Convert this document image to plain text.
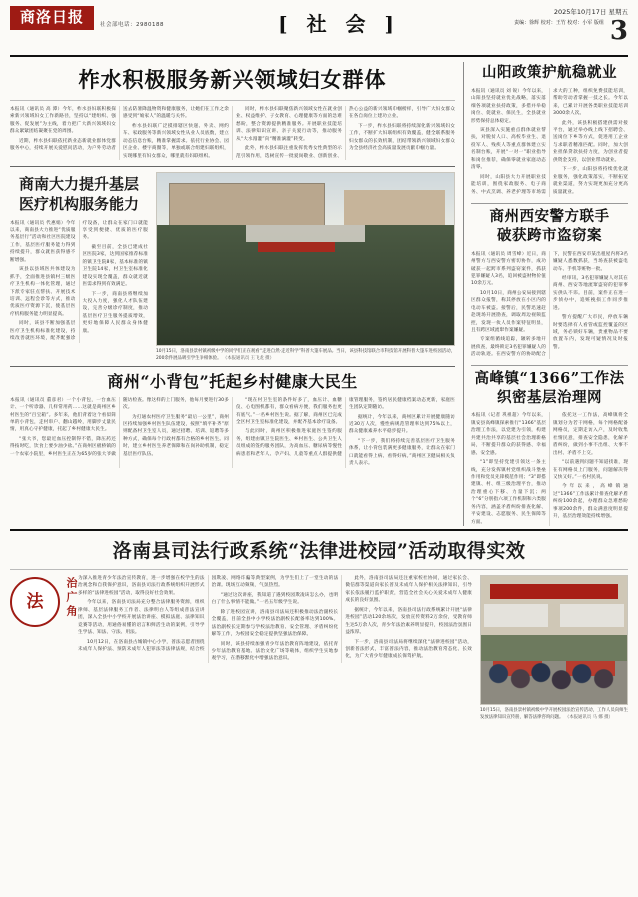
商洛日报	社会部电话：2980188	[ 社 会 ]	2025年10月17日 星期五
责编：徐辉 校对：王竹 校对：小军 版组 3
柞水积极服务新兴领域妇女群体

本报讯（通讯员 高 潭）今年，柞水县妇联积极探索新兴领域妇女工作新路径，坚持以“建组织、强服务、促发展”为主线，着力把广大新兴领域妇女群众紧紧团结凝聚在党的周围。

近期，柞水县妇联依托新业态新就业群体党群服务中心，持续开展关爱慰问活动，为户外劳动者送去防暑降温物资和健康服务，让她们在工作之余感受到“娘家人”的温暖与关怀。

柞水县妇联广泛摸排辖区快递、外卖、网约车、家政服务等新兴领域女性从业人员底数，建立动态信息台账，精准掌握需求。依托行业协会、园区企业、楼宇商圈等，单独或联合组建妇联组织，实现哪里有妇女群众，哪里就有妇联组织。

同时，柞水县妇联聚焦新兴领域女性在就业创业、权益维护、子女教育、心理健康等方面的急难愁盼，整合资源提供精准服务。开展职业技能培训、法律知识宣讲、亲子关爱行动等，推动服务从“大水漫灌”向“精准滴灌”转变。

此外，柞水县妇联注重发挥优秀女性典型的示范引领作用，选树宣传一批爱岗敬业、创新创业、热心公益的新兴领域巾帼榜样，引导广大妇女群众在各自岗位上建功立业。

下一步，柞水县妇联将持续深化新兴领域妇女工作，不断扩大妇联组织有效覆盖，健全联系服务妇女群众的长效机制，团结带领新兴领域妇女群众为全县经济社会高质量发展贡献巾帼力量。

商南大力提升基层
医疗机构服务能力

本报讯（通讯员 代惠娟）今年以来，商南县大力推进“优质服务基层行”活动和社区医院建设工作，基层医疗服务能力得到持续提升，群众就医获得感不断增强。

该县以县域医共体建设为抓手，全面推进县镇村三级医疗卫生机构一体化管理，通过下派专家驻点帮扶、开展技术培训、远程会诊等方式，推动优质医疗资源下沉，使基层医疗机构服务能力明显提高。

同时，该县不断加强基层医疗卫生机构标准化建设，持续改善就医环境，配齐配强诊疗设备，让群众在家门口就能享受到便捷、优质的医疗服务。

截至目前，全县已建成社区医院3家，达到国家推荐标准的镇卫生院8家，基本标准的镇卫生院14家，村卫生室标准化建设实现全覆盖，群众就近就医需求得到有效满足。

下一步，商南县将继续加大投入力度，强化人才队伍建设，完善分级诊疗制度，推动基层医疗卫生服务提质增效，更好地保障人民群众身体健康。

10月15日，洛南县景村镇初级中学的同学们正在观看“走进自然·走近科学”科普大篷车展品。当日，该县科技馆联合市科技馆开展科普大篷车进校园活动，200余件展品吸引学生争相体验。 （本报通讯员 王飞龙 摄）
商州“小背包”托起乡村健康大民生

本报讯（通讯员 董彦君）一个小背包，一台血压计、一个听诊器、几样常用药……这就是商州区乡村医生的“百宝箱”。多年来，他们背着这个看似简单的小背包，走村串户、翻山越岭，用脚步丈量民情，用真心守护健康，托起了乡村健康大民生。

“张大爷，您最近血压控制得不错，降压药还得按时吃，饮食上要少油少盐。”在商州区板桥镇的一个农家小院里，乡村医生正在为65岁的张大爷做随访检查。像这样的上门服务，他每月要进行30多次。

为打通农村医疗卫生服务“最后一公里”，商州区持续加强乡村医生队伍建设，按照“填平补齐”原则配备村卫生室人员，通过招聘、培训、返聘等多种方式，确保每个行政村都有合格的乡村医生。同时，建立乡村医生养老保障和在岗补助机制，稳定基层医疗队伍。

“现在村卫生室的条件好多了，血压计、血糖仪、心电图机都有，群众看病方便，我们服务也更有底气。”一名乡村医生说。据了解，商州区已完成全区村卫生室标准化建设，并配齐基本诊疗设备。

与此同时，商州区积极推进家庭医生签约服务，组建由镇卫生院医生、乡村医生、公共卫生人员组成的签约服务团队，为高血压、糖尿病等慢性病患者和老年人、孕产妇、儿童等重点人群提供健康管理服务，签约居民健康档案动态更新，家庭医生团队定期随访。

据统计，今年以来，商州区累计开展健康随访近30万人次，慢性病规范管理率达到75%以上，群众健康素养水平稳步提升。

“下一步，我们将持续完善基层医疗卫生服务体系，让小背包装满更多健康服务，让群众在家门口就能看得上病、看得好病。”商州区卫健局相关负责人表示。

山阳政策护航稳就业

本报讯（通讯员 刘 锐）今年以来，山阳县坚持就业优先战略，落实落细各项就业扶持政策，多措并举稳岗位、促就业、保民生，全县就业形势保持总体稳定。

该县深入实施重点群体就业帮扶，对脱贫人口、高校毕业生、退役军人、残疾人等重点群体建立实名制台账，开展“一对一”职业指导和岗位推荐，确保零就业家庭动态清零。

同时，山阳县大力开展职业技能培训，围绕家政服务、电子商务、中式烹调、养老护理等市场需求大的工种，组织免费技能培训，帮助劳动者掌握一技之长。今年以来，已累计开展各类职业技能培训3000余人次。

此外，该县积极搭建供需对接平台，通过举办线上线下招聘会、送岗位下乡等方式，促进用工企业与求职者精准匹配。同时，加大创业担保贷款扶持力度，为创业者提供资金支持，以创业带动就业。

下一步，山阳县将持续优化就业服务，强化政策落实，不断拓宽就业渠道，努力实现更加充分更高质量就业。

商州西安警方联手
破获跨市盗窃案

本报讯（通讯员 周雪峰）近日，商州警方与西安警方密切协作，成功破获一起跨市系列盗窃案件，抓获犯罪嫌疑人3名，追回被盗财物价值10余万元。

10月10日，商州公安局接到辖区群众报警，称其停放在小区内的电动车被盗。接警后，民警迅速赶赴现场开展勘查，调取周边视频监控，发现一伙人员作案特征明显，且有跨区域流窜作案嫌疑。

专案组循线追踪，辗转多地开展侦查，最终锁定3名犯罪嫌疑人的活动轨迹。在西安警方的协助配合下，民警在西安市某出租屋内将3名嫌疑人悉数抓获，当场查获被盗电动车、手机等赃物一批。

经审讯，3名犯罪嫌疑人对其在商州、西安等地流窜盗窃的犯罪事实供认不讳。目前，案件正在进一步侦办中，追赃挽损工作同步推进。

警方提醒广大市民，停放车辆时要选择有人看管或监控覆盖的区域，务必锁好车辆，贵重物品不要放置车内，发现可疑情况及时报警。

高峰镇“1366”工作法
织密基层治理网

本报讯（记者 巩祖超）今年以来，镇安县高峰镇探索推行“1366”基层治理工作法，以党建为引领，构建共建共治共享的基层社会治理新格局，不断提升群众的获得感、幸福感、安全感。

“1”即坚持党建引领这一条主线，充分发挥镇村党组织战斗堡垒作用和党员先锋模范作用；“3”即搭建镇、村、组三级治理平台，推动治理重心下移、力量下沉；两个“6”分别指六项工作机制和六类服务内容，涵盖矛盾纠纷排查化解、平安建设、志愿服务、民生保障等方面。

依托这一工作法，高峰镇将全镇划分为若干网格，每个网格配备网格员，定期走访入户，及时收集社情民意，排查安全隐患，化解矛盾纠纷，做到小事不出组、大事不出村、矛盾不上交。

“以前遇到问题不知道找谁，现在有网格员上门服务，问题解决得又快又好。”一名村民说。

今年以来，高峰镇通过“1366”工作法累计排查化解矛盾纠纷100余起，办理群众急难愁盼事项200余件，群众满意度明显提升，基层治理效能持续增强。

洛南县司法行政系统“法律进校园”活动取得实效
法
治广角

为深入推进青少年法治宣传教育，进一步增强在校学生的法治观念和自我保护意识，洛南县司法行政系统组织开展形式多样的“法律进校园”活动，取得良好社会效果。

今年以来，洛南县司法局充分整合法律服务资源，组织律师、基层法律服务工作者、法律明白人等组成普法宣讲团，深入全县中小学校开展法治讲座、模拟法庭、法律知识竞赛等活动，用通俗易懂的语言和鲜活生动的案例，引导学生学法、知法、守法、用法。

10月12日，在洛南县古城镇中心小学，普法志愿者围绕未成年人保护法、预防未成年人犯罪法等法律法规，结合校园欺凌、网络诈骗等典型案例，为学生们上了一堂生动的法治课。现场互动频频，气氛热烈。

“通过这次讲座，我知道了遇到校园欺凌该怎么办，也明白了什么事情不能做。”一名五年级学生说。

除了进校园宣讲，洛南县司法局还积极推动法治副校长全覆盖，目前全县中小学校法治副校长配备率达到100%。法治副校长定期参与学校法治教育、安全管理、矛盾纠纷化解等工作，为校园安全稳定提供坚强法治保障。

同时，该县持续加强青少年法治教育阵地建设，依托青少年法治教育基地、法治文化广场等载体，组织学生实地参观学习，在潜移默化中增强法治意识。

此外，洛南县司法局还注重家校社协同，通过家长会、微信群等渠道向家长普及未成年人保护相关法律知识，引导家长依法履行监护职责，营造全社会关心关爱未成年人健康成长的良好氛围。

据统计，今年以来，洛南县司法行政系统累计开展“法律进校园”活动120余场次，发放宣传资料2万余份，受教育师生达5万余人次，青少年法治素养明显提升，校园法治氛围日益浓厚。

下一步，洛南县司法局将继续深化“法律进校园”活动，创新普法形式，丰富普法内容，推动法治教育常态化、长效化，为广大青少年健康成长保驾护航。

10月15日，洛南县景村镇初级中学开展校园法治宣传活动，工作人员向师生发放法律知识宣传册，解答法律咨询问题。 （本报通讯员 马 娜 摄）
